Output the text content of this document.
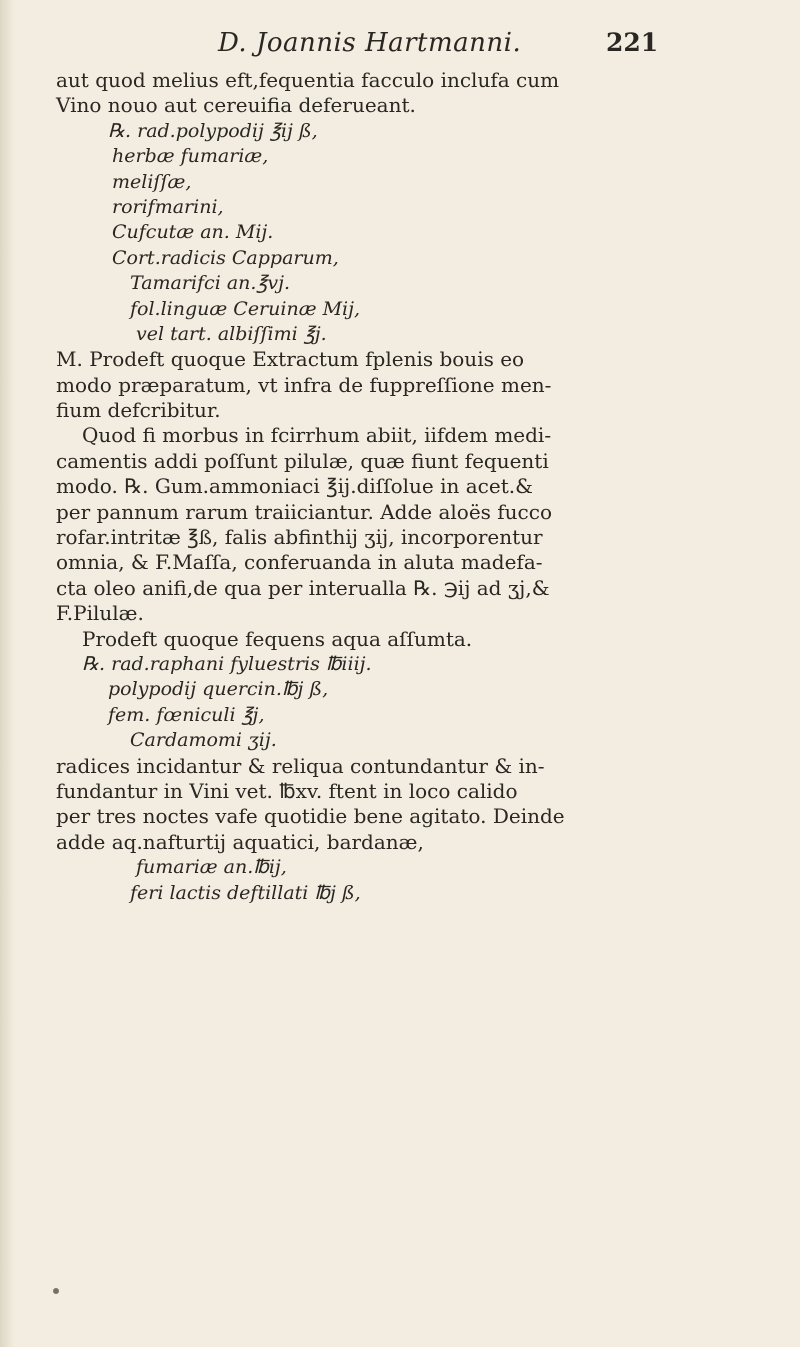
D. Joannis Hartmanni.	221
aut quod melius eft,fequentia facculo inclufa cum
Vino nouo aut cereuifia deferueant.
℞. rad.polypodij ℥ij ß,
herbæ fumariæ,
meliſſæ,
rorifmarini,
Cufcutæ an. Mij.
Cort.radicis Capparum,
Tamarifci an.℥vj.
fol.linguæ Ceruinæ Mij,
vel tart. albiſſimi ℥j.
M. Prodeft quoque Extractum fplenis bouis eo
modo præparatum, vt infra de fuppreſſione men-
fium defcribitur.
Quod fi morbus in fcirrhum abiit, iifdem medi-
camentis addi poſſunt pilulæ, quæ fiunt fequenti
modo. ℞. Gum.ammoniaci ℥ij.diſſolue in acet.&
per pannum rarum traiiciantur. Adde aloës fucco
rofar.intritæ ℥ß, falis abfinthij ʒij, incorporentur
omnia, & F.Maſſa, conferuanda in aluta madefa-
cta oleo anifi,de qua per interualla ℞. ℈ij ad ʒj,&
F.Pilulæ.
Prodeft quoque fequens aqua aſſumta.
℞. rad.raphani fyluestris ℔iiij.
polypodij quercin.℔j ß,
fem. fœniculi ℥j,
Cardamomi ʒij.
radices incidantur & reliqua contundantur & in-
fundantur in Vini vet. ℔xv. ftent in loco calido
per tres noctes vafe quotidie bene agitato. Deinde
adde aq.nafturtij aquatici, bardanæ,
fumariæ an.℔ij,
feri lactis deftillati ℔j ß,
